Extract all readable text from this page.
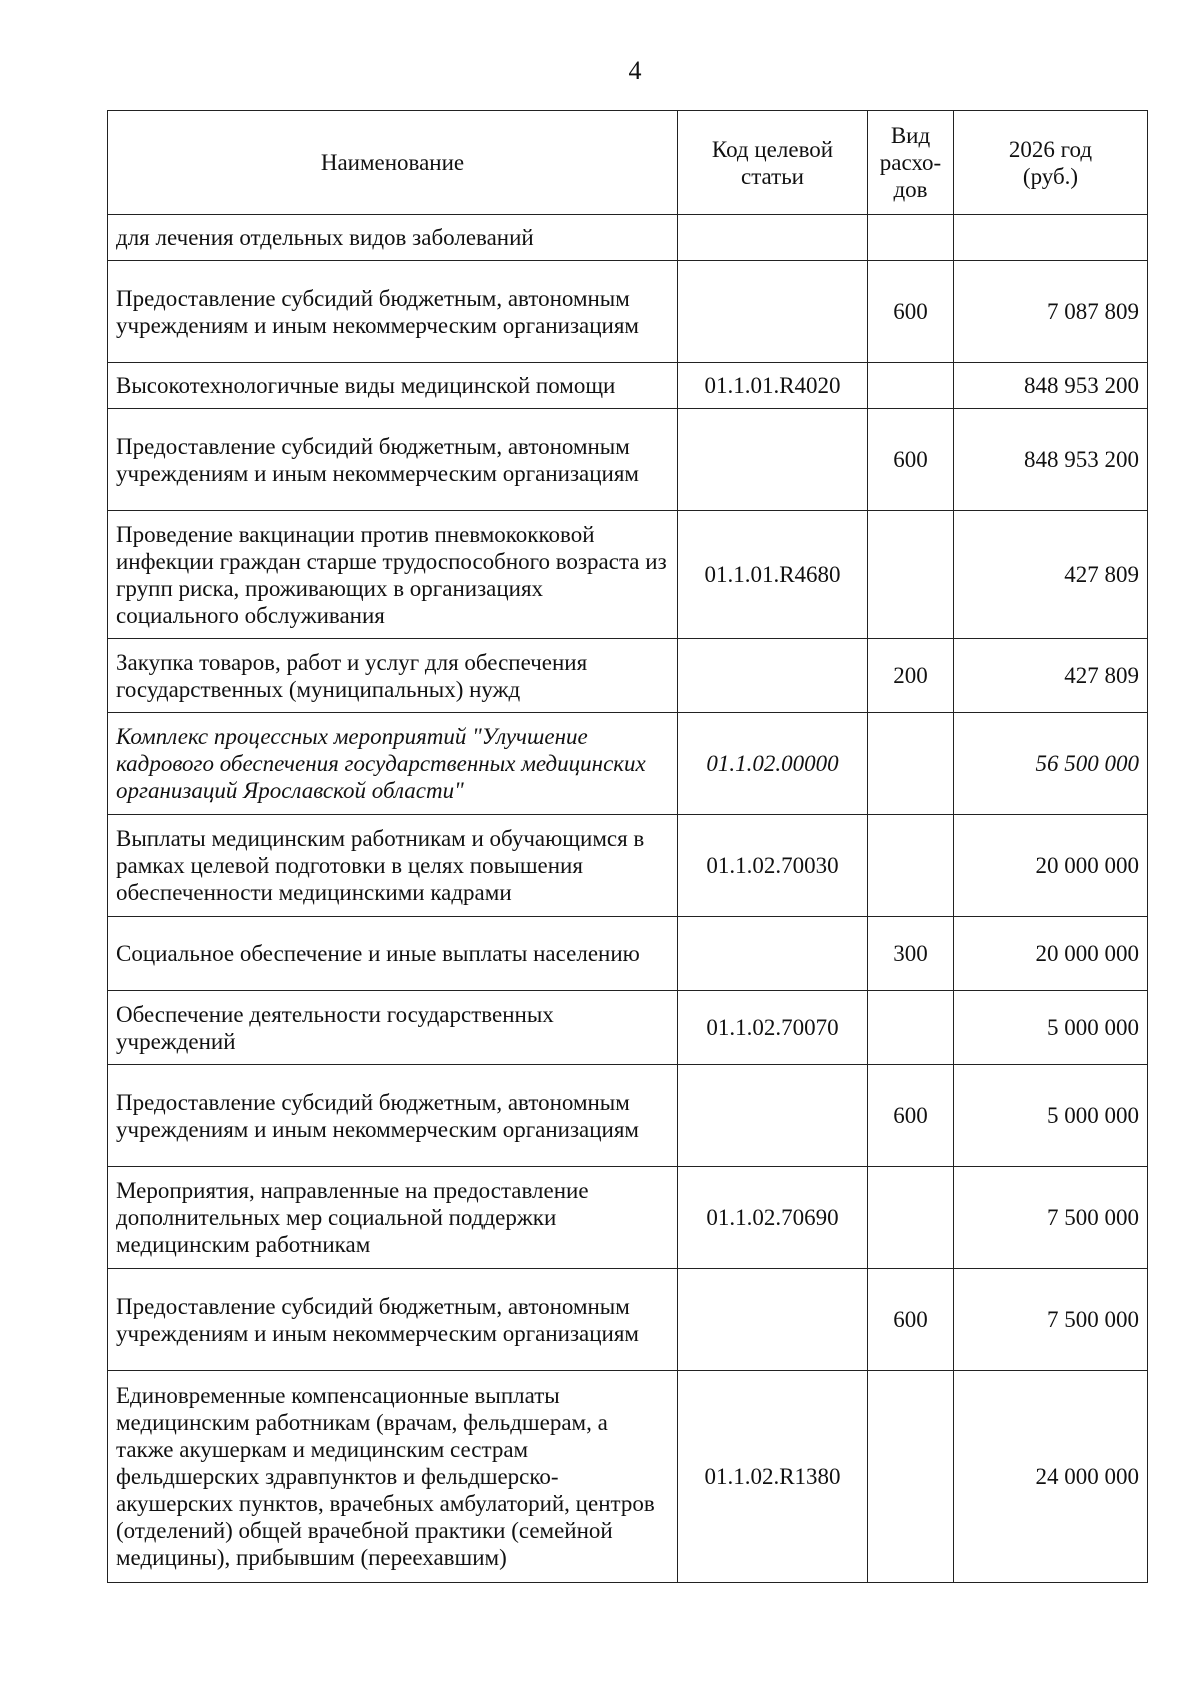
4
Наименование	Код целевой статьи	Вид расхо-дов	2026 год (руб.)
для лечения отдельных видов заболеваний			
Предоставление субсидий бюджетным, автономным учреждениям и иным некоммерческим организациям		600	7 087 809
Высокотехнологичные виды медицинской помощи	01.1.01.R4020		848 953 200
Предоставление субсидий бюджетным, автономным учреждениям и иным некоммерческим организациям		600	848 953 200
Проведение вакцинации против пневмококковой инфекции граждан старше трудоспособного возраста из групп риска, проживающих в организациях социального обслуживания	01.1.01.R4680		427 809
Закупка товаров, работ и услуг для обеспечения государственных (муниципальных) нужд		200	427 809
Комплекс процессных мероприятий "Улучшение кадрового обеспечения государственных медицинских организаций Ярославской области"	01.1.02.00000		56 500 000
Выплаты медицинским работникам и обучающимся в рамках целевой подготовки в целях повышения обеспеченности медицинскими кадрами	01.1.02.70030		20 000 000
Социальное обеспечение и иные выплаты населению		300	20 000 000
Обеспечение деятельности государственных учреждений	01.1.02.70070		5 000 000
Предоставление субсидий бюджетным, автономным учреждениям и иным некоммерческим организациям		600	5 000 000
Мероприятия, направленные на предоставление дополнительных мер социальной поддержки медицинским работникам	01.1.02.70690		7 500 000
Предоставление субсидий бюджетным, автономным учреждениям и иным некоммерческим организациям		600	7 500 000
Единовременные компенсационные выплаты медицинским работникам (врачам, фельдшерам, а также акушеркам и медицинским сестрам фельдшерских здравпунктов и фельдшерско-акушерских пунктов, врачебных амбулаторий, центров (отделений) общей врачебной практики (семейной медицины), прибывшим (переехавшим)	01.1.02.R1380		24 000 000
